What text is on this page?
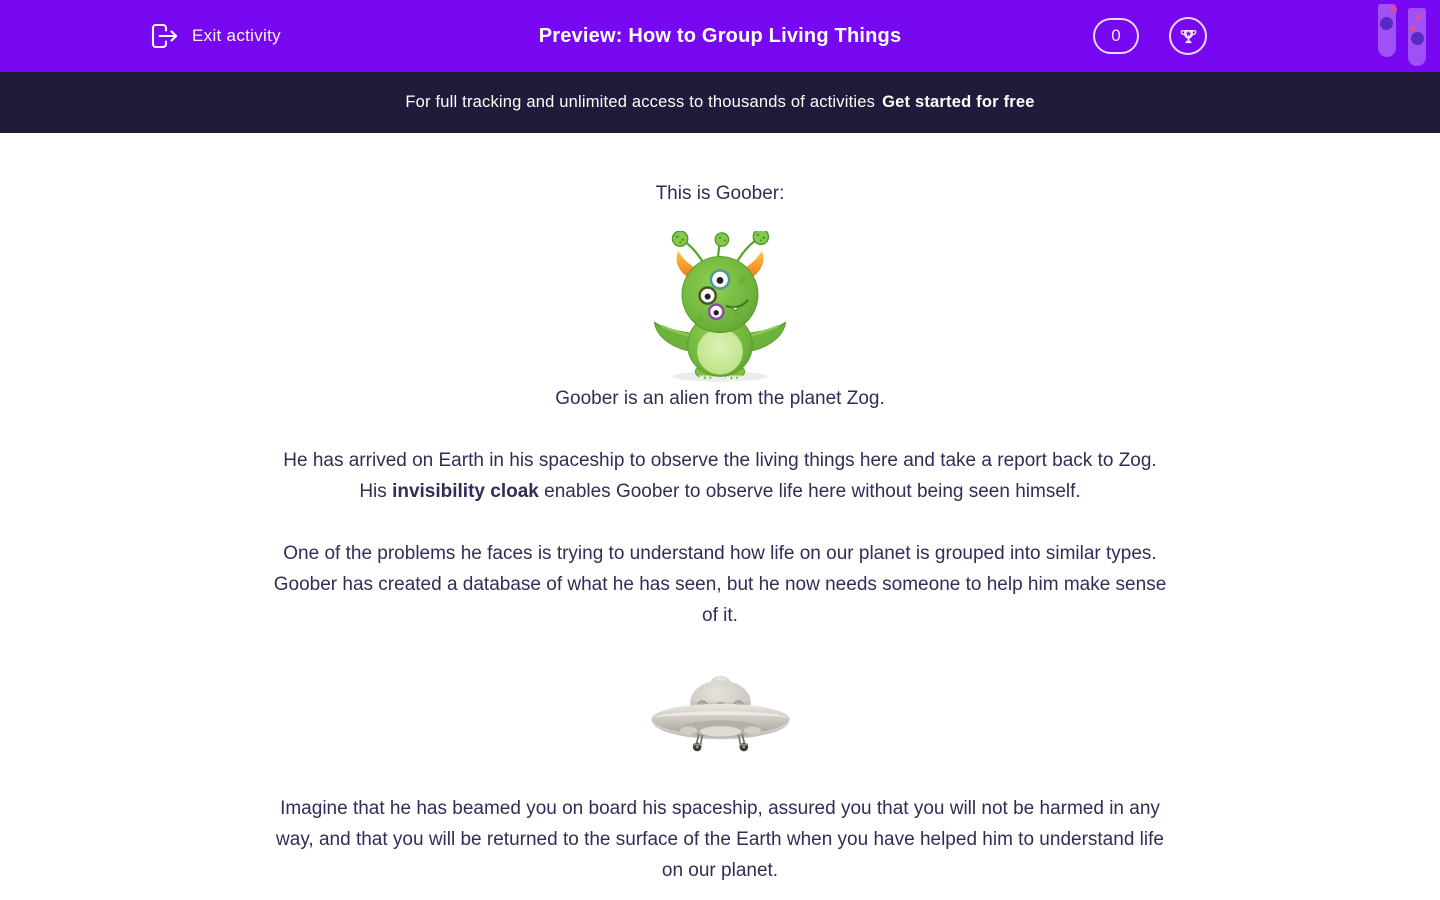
Exit activity	Preview: How to Group Living Things	0
For full tracking and unlimited access to thousands of activities Get started for free

This is Goober:

Goober is an alien from the planet Zog.

He has arrived on Earth in his spaceship to observe the living things here and take a report back to Zog.
His invisibility cloak enables Goober to observe life here without being seen himself.

One of the problems he faces is trying to understand how life on our planet is grouped into similar types.
Goober has created a database of what he has seen, but he now needs someone to help him make sense
of it.

Imagine that he has beamed you on board his spaceship, assured you that you will not be harmed in any
way, and that you will be returned to the surface of the Earth when you have helped him to understand life
on our planet.
